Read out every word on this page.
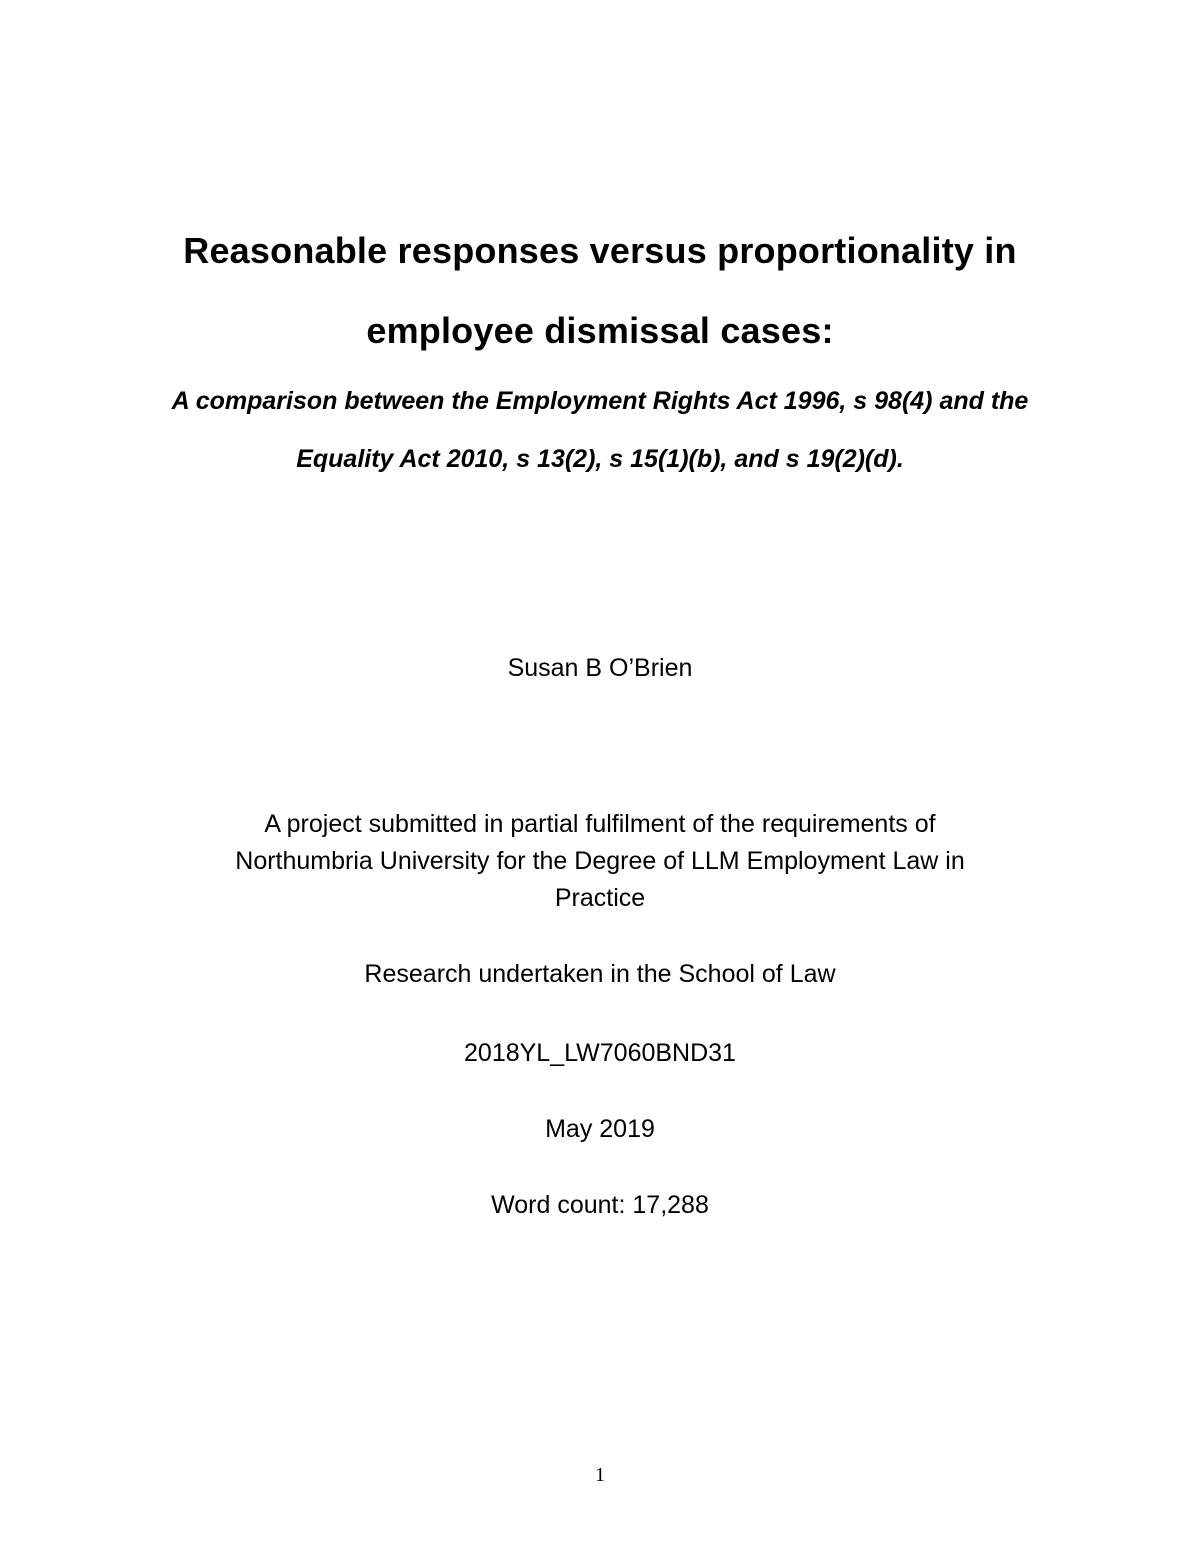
Reasonable responses versus proportionality in
employee dismissal cases:
A comparison between the Employment Rights Act 1996, s 98(4) and the
Equality Act 2010, s 13(2), s 15(1)(b), and s 19(2)(d).
Susan B O’Brien
A project submitted in partial fulfilment of the requirements of
Northumbria University for the Degree of LLM Employment Law in
Practice
Research undertaken in the School of Law
2018YL_LW7060BND31
May 2019
Word count: 17,288
1
